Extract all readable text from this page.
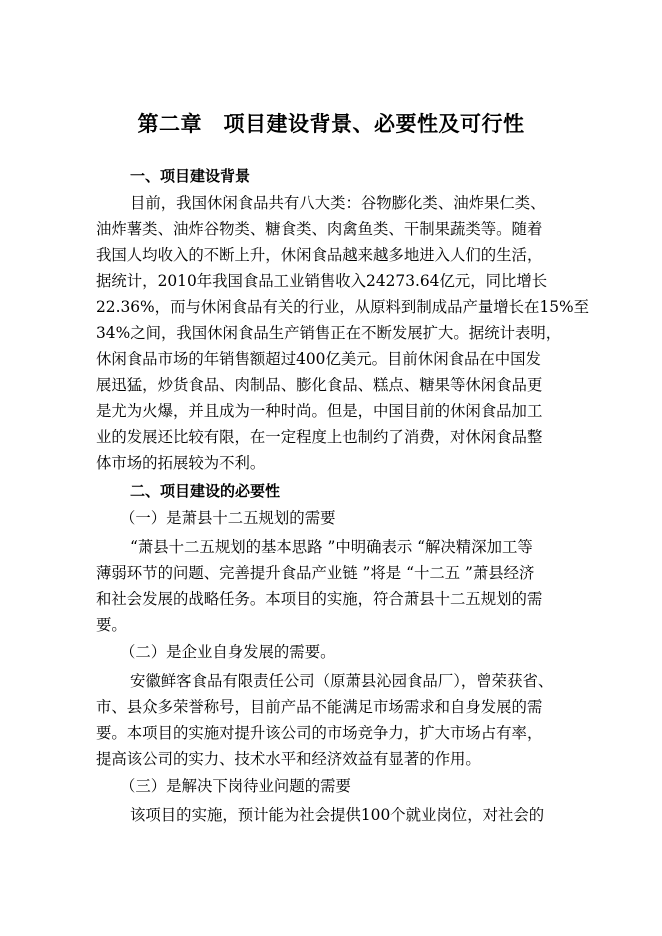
第二章　项目建设背景、必要性及可行性
一、项目建设背景
目前，我国休闲食品共有八大类：谷物膨化类、油炸果仁类、
油炸薯类、油炸谷物类、糖食类、肉禽鱼类、干制果蔬类等。随着
我国人均收入的不断上升，休闲食品越来越多地进入人们的生活，
据统计，2010年我国食品工业销售收入24273.64亿元，同比增长
22.36%，而与休闲食品有关的行业，从原料到制成品产量增长在15%至
34%之间，我国休闲食品生产销售正在不断发展扩大。据统计表明，
休闲食品市场的年销售额超过400亿美元。目前休闲食品在中国发
展迅猛，炒货食品、肉制品、膨化食品、糕点、糖果等休闲食品更
是尤为火爆，并且成为一种时尚。但是，中国目前的休闲食品加工
业的发展还比较有限，在一定程度上也制约了消费，对休闲食品整
体市场的拓展较为不利。
二、项目建设的必要性
（一）是萧县十二五规划的需要
“萧县十二五规划的基本思路 ”中明确表示 “解决精深加工等
薄弱环节的问题、完善提升食品产业链 ”将是 “十二五 ”萧县经济
和社会发展的战略任务。本项目的实施，符合萧县十二五规划的需
要。
（二）是企业自身发展的需要。
安徽鲜客食品有限责任公司（原萧县沁园食品厂），曾荣获省、
市、县众多荣誉称号，目前产品不能满足市场需求和自身发展的需
要。本项目的实施对提升该公司的市场竞争力，扩大市场占有率，
提高该公司的实力、技术水平和经济效益有显著的作用。
（三）是解决下岗待业问题的需要
该项目的实施，预计能为社会提供100个就业岗位，对社会的
